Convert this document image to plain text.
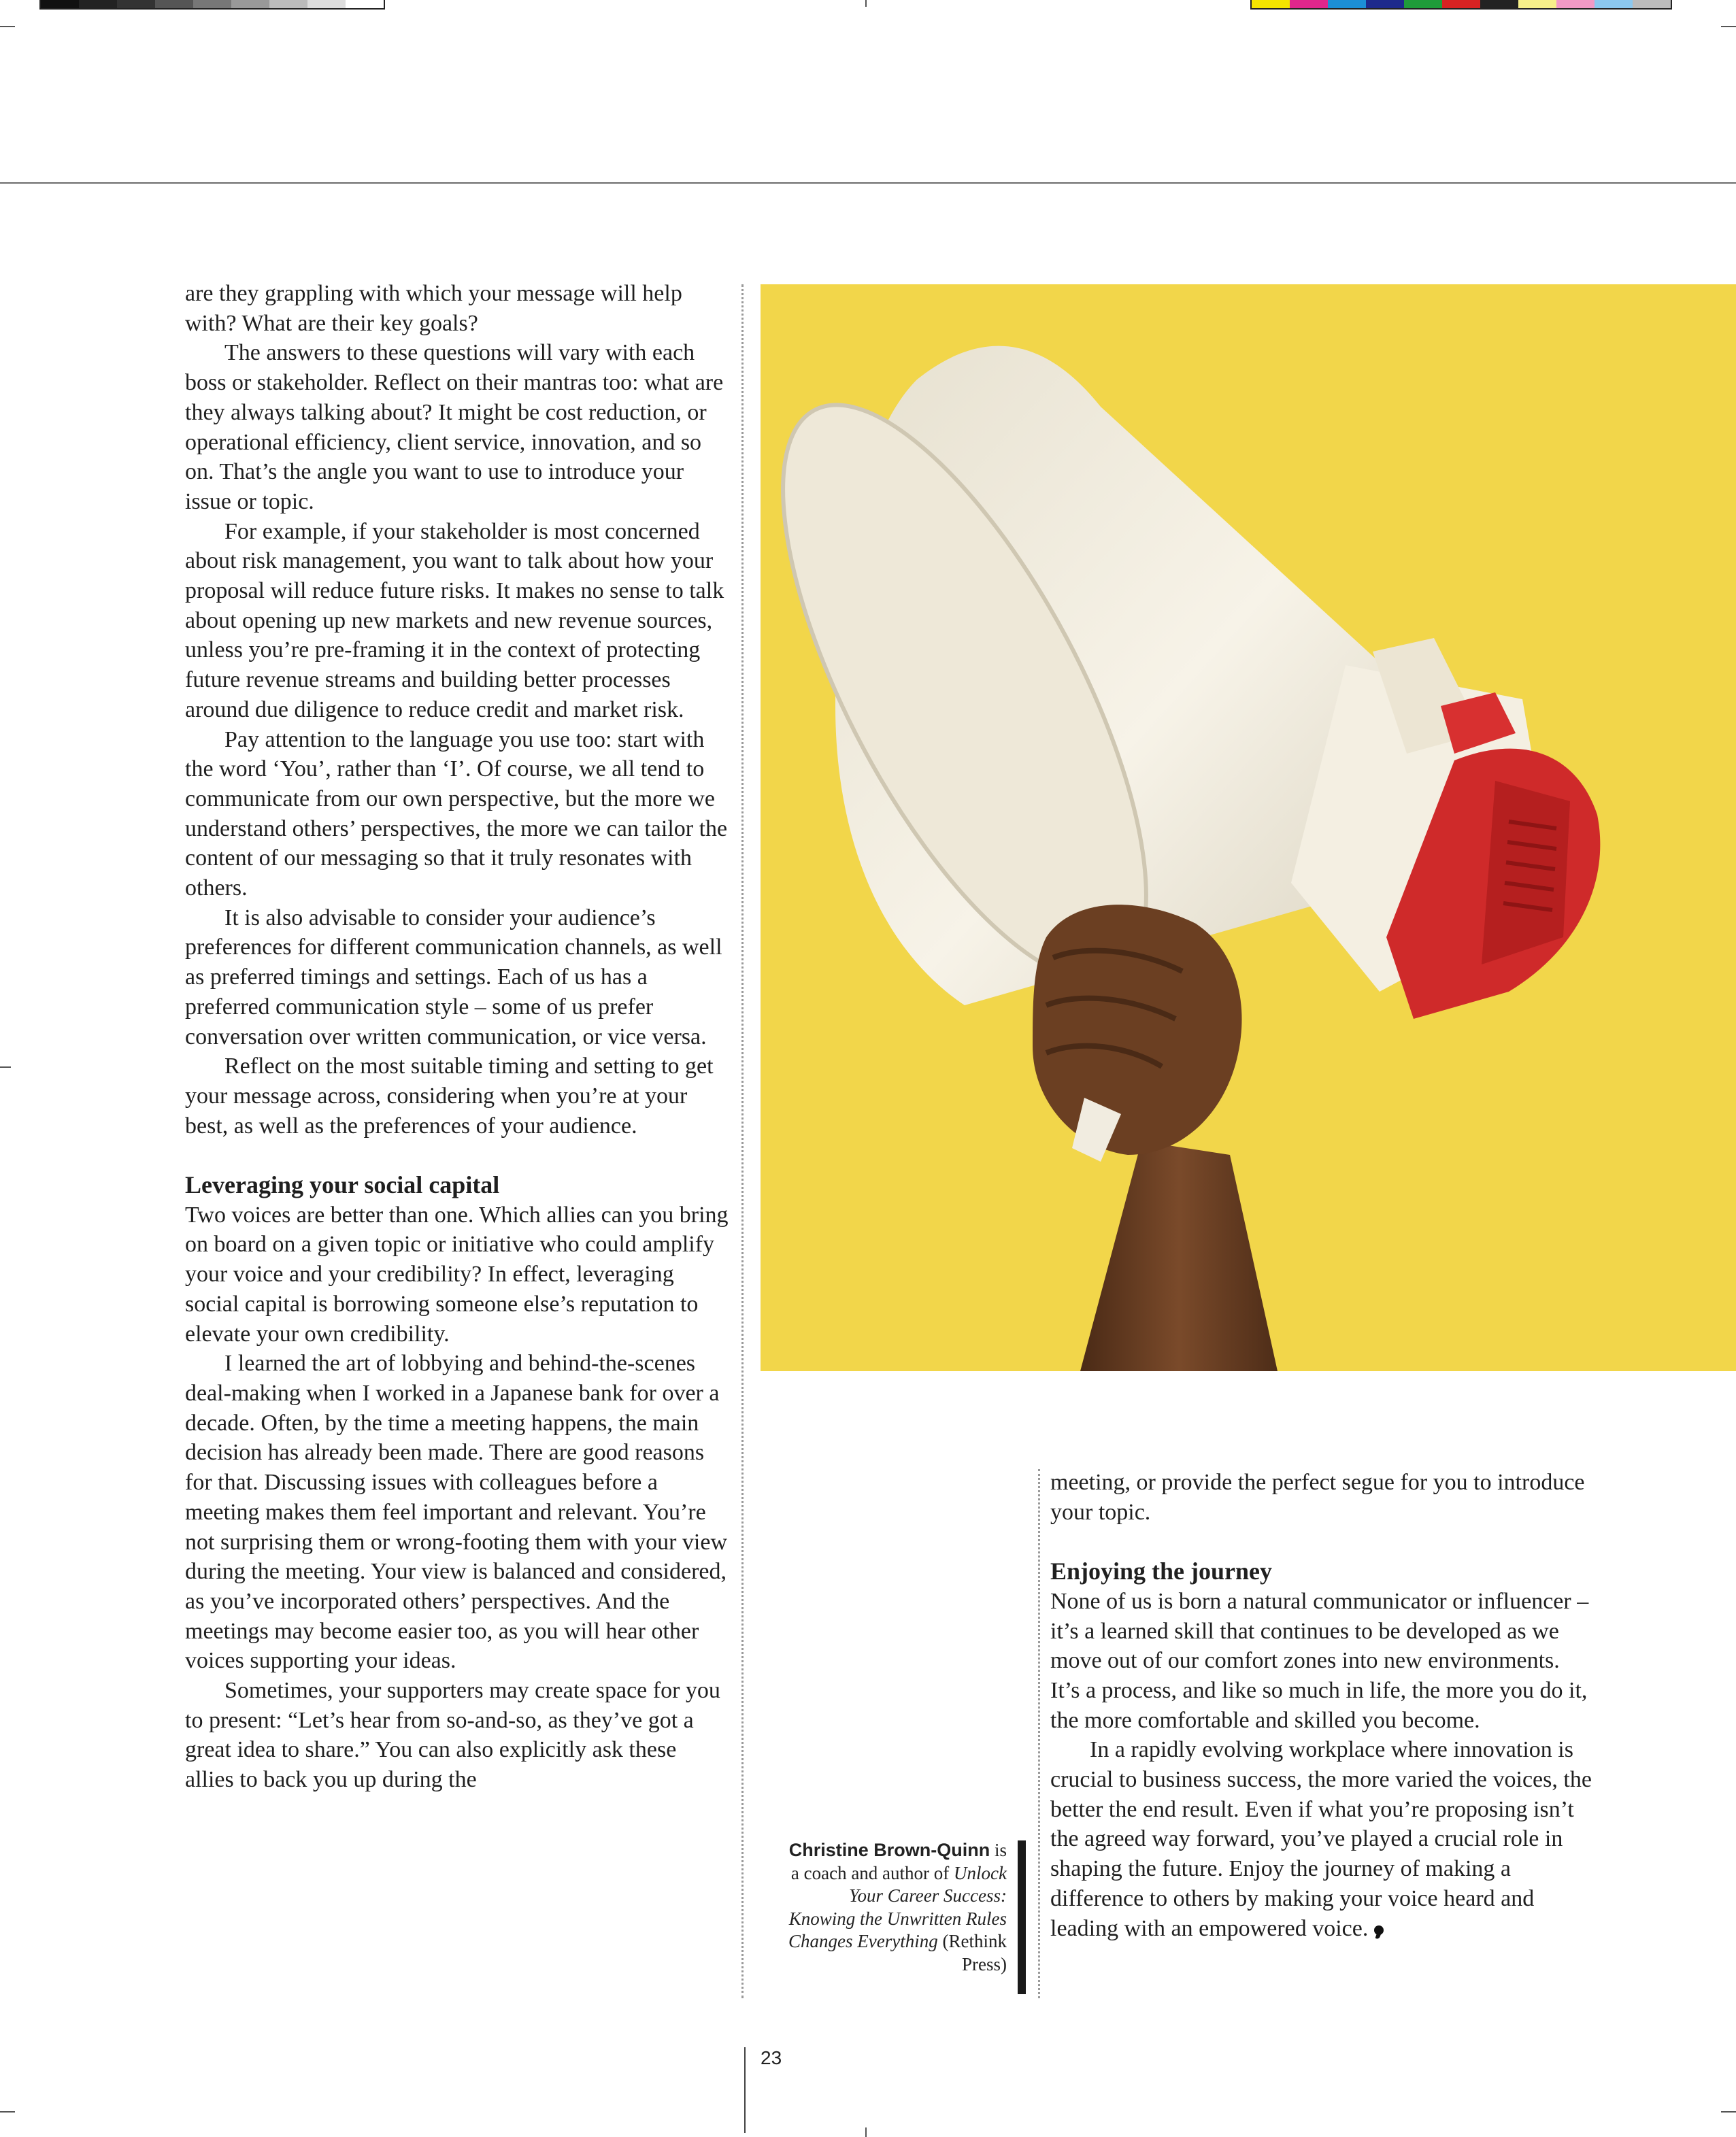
are they grappling with which your message will help with? What are their key goals?

The answers to these questions will vary with each boss or stakeholder. Reflect on their mantras too: what are they always talking about? It might be cost reduction, or operational efficiency, client service, innovation, and so on. That’s the angle you want to use to introduce your issue or topic.

For example, if your stakeholder is most concerned about risk management, you want to talk about how your proposal will reduce future risks. It makes no sense to talk about opening up new markets and new revenue sources, unless you’re pre-framing it in the context of protecting future revenue streams and building better processes around due diligence to reduce credit and market risk.

Pay attention to the language you use too: start with the word ‘You’, rather than ‘I’. Of course, we all tend to communicate from our own perspective, but the more we understand others’ perspectives, the more we can tailor the content of our messaging so that it truly resonates with others.

It is also advisable to consider your audience’s preferences for different communication channels, as well as preferred timings and settings. Each of us has a preferred communication style – some of us prefer conversation over written communication, or vice versa.

Reflect on the most suitable timing and setting to get your message across, considering when you’re at your best, as well as the preferences of your audience.

Leveraging your social capital

Two voices are better than one. Which allies can you bring on board on a given topic or initiative who could amplify your voice and your credibility? In effect, leveraging social capital is borrowing someone else’s reputation to elevate your own credibility.

I learned the art of lobbying and behind-the-scenes deal-making when I worked in a Japanese bank for over a decade. Often, by the time a meeting happens, the main decision has already been made. There are good reasons for that. Discussing issues with colleagues before a meeting makes them feel important and relevant. You’re not surprising them or wrong-footing them with your view during the meeting. Your view is balanced and considered, as you’ve incorporated others’ perspectives. And the meetings may become easier too, as you will hear other voices supporting your ideas.

Sometimes, your supporters may create space for you to present: “Let’s hear from so-and-so, as they’ve got a great idea to share.” You can also explicitly ask these allies to back you up during the

meeting, or provide the perfect segue for you to introduce your topic.

Enjoying the journey

None of us is born a natural communicator or influencer – it’s a learned skill that continues to be developed as we move out of our comfort zones into new environments. It’s a process, and like so much in life, the more you do it, the more comfortable and skilled you become.

In a rapidly evolving workplace where innovation is crucial to business success, the more varied the voices, the better the end result. Even if what you’re proposing isn’t the agreed way forward, you’ve played a crucial role in shaping the future. Enjoy the journey of making a difference to others by making your voice heard and leading with an empowered voice.

Christine Brown-Quinn is a coach and author of Unlock Your Career Success: Knowing the Unwritten Rules Changes Everything (Rethink Press)
23
